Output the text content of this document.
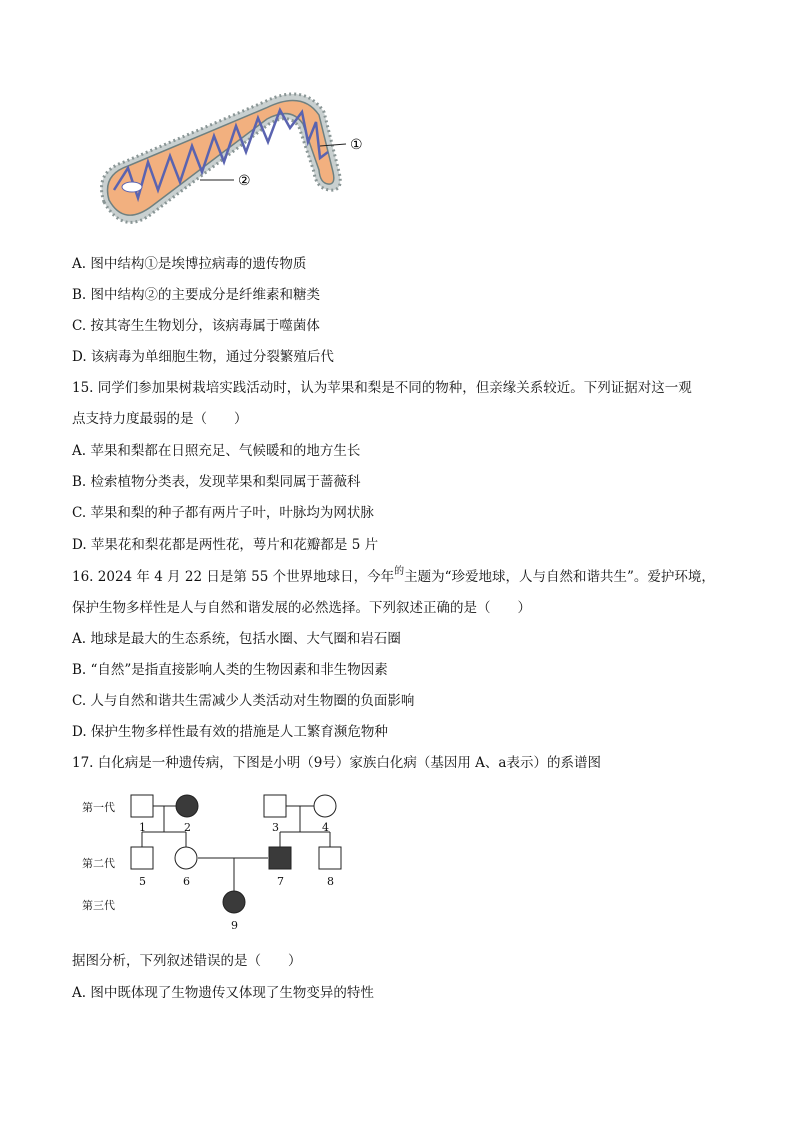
①
②
A. 图中结构①是埃博拉病毒的遗传物质
B. 图中结构②的主要成分是纤维素和糖类
C. 按其寄生生物划分，该病毒属于噬菌体
D. 该病毒为单细胞生物，通过分裂繁殖后代
15. 同学们参加果树栽培实践活动时，认为苹果和梨是不同的物种，但亲缘关系较近。下列证据对这一观
点支持力度最弱的是（　　）
A. 苹果和梨都在日照充足、气候暖和的地方生长
B. 检索植物分类表，发现苹果和梨同属于蔷薇科
C. 苹果和梨的种子都有两片子叶，叶脉均为网状脉
D. 苹果花和梨花都是两性花，萼片和花瓣都是 5 片
16. 2024 年 4 月 22 日是第 55 个世界地球日，今年$^的$主题为“珍爱地球，人与自然和谐共生”。爱护环境，
保护生物多样性是人与自然和谐发展的必然选择。下列叙述正确的是（　　）
A. 地球是最大的生态系统，包括水圈、大气圈和岩石圈
B. “自然”是指直接影响人类的生物因素和非生物因素
C. 人与自然和谐共生需减少人类活动对生物圈的负面影响
D. 保护生物多样性最有效的措施是人工繁育濒危物种
17. 白化病是一种遗传病，下图是小明（9号）家族白化病（基因用 A、a表示）的系谱图
第一代
第二代
第三代
1	2	3	4
5	6	7	8
9
据图分析，下列叙述错误的是（　　）
A. 图中既体现了生物遗传又体现了生物变异的特性
